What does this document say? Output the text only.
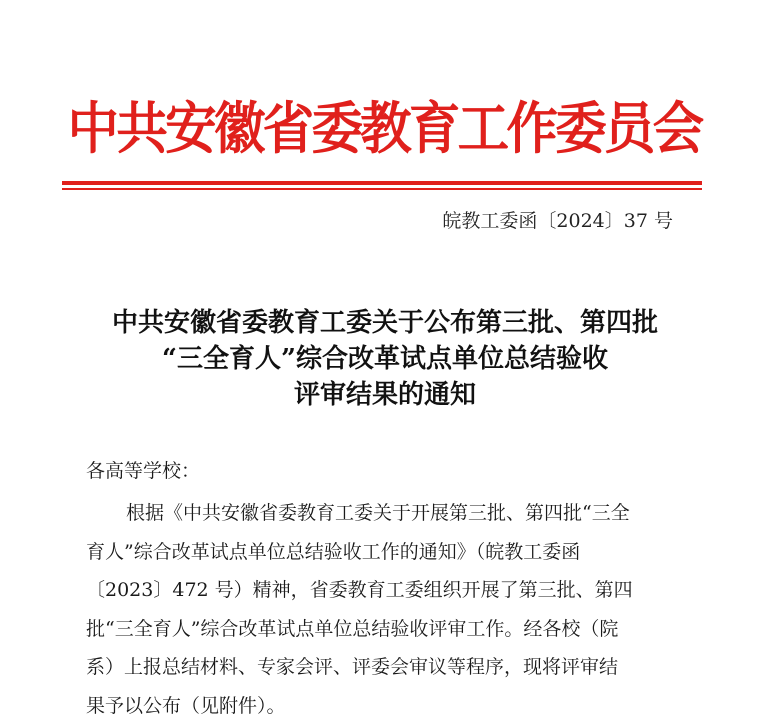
中共安徽省委教育工作委员会
皖教工委函〔2024〕37 号
中共安徽省委教育工委关于公布第三批、第四批
“三全育人”综合改革试点单位总结验收
评审结果的通知
各高等学校：
根据《中共安徽省委教育工委关于开展第三批、第四批“三全
育人”综合改革试点单位总结验收工作的通知》（皖教工委函
〔2023〕472 号）精神，省委教育工委组织开展了第三批、第四
批“三全育人”综合改革试点单位总结验收评审工作。经各校（院
系）上报总结材料、专家会评、评委会审议等程序，现将评审结
果予以公布（见附件）。
